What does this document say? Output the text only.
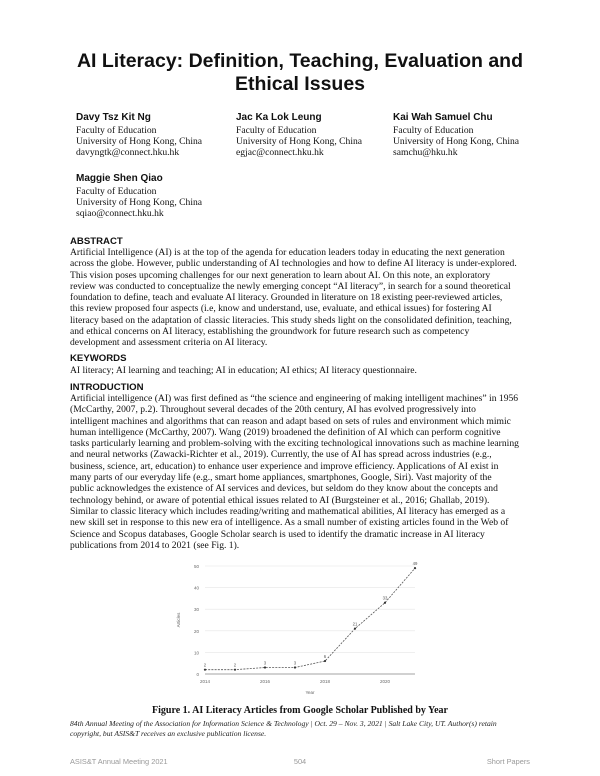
AI Literacy: Definition, Teaching, Evaluation and
Ethical Issues
Davy Tsz Kit Ng
Faculty of Education
University of Hong Kong, China
davyngtk@connect.hku.hk
Jac Ka Lok Leung
Faculty of Education
University of Hong Kong, China
egjac@connect.hku.hk
Kai Wah Samuel Chu
Faculty of Education
University of Hong Kong, China
samchu@hku.hk
Maggie Shen Qiao
Faculty of Education
University of Hong Kong, China
sqiao@connect.hku.hk
ABSTRACT
Artificial Intelligence (AI) is at the top of the agenda for education leaders today in educating the next generation
across the globe. However, public understanding of AI technologies and how to define AI literacy is under-explored.
This vision poses upcoming challenges for our next generation to learn about AI. On this note, an exploratory
review was conducted to conceptualize the newly emerging concept “AI literacy”, in search for a sound theoretical
foundation to define, teach and evaluate AI literacy. Grounded in literature on 18 existing peer-reviewed articles,
this review proposed four aspects (i.e, know and understand, use, evaluate, and ethical issues) for fostering AI
literacy based on the adaptation of classic literacies. This study sheds light on the consolidated definition, teaching,
and ethical concerns on AI literacy, establishing the groundwork for future research such as competency
development and assessment criteria on AI literacy.
KEYWORDS
AI literacy; AI learning and teaching; AI in education; AI ethics; AI literacy questionnaire.
INTRODUCTION
Artificial intelligence (AI) was first defined as “the science and engineering of making intelligent machines” in 1956
(McCarthy, 2007, p.2). Throughout several decades of the 20th century, AI has evolved progressively into
intelligent machines and algorithms that can reason and adapt based on sets of rules and environment which mimic
human intelligence (McCarthy, 2007). Wang (2019) broadened the definition of AI which can perform cognitive
tasks particularly learning and problem-solving with the exciting technological innovations such as machine learning
and neural networks (Zawacki-Richter et al., 2019). Currently, the use of AI has spread across industries (e.g.,
business, science, art, education) to enhance user experience and improve efficiency. Applications of AI exist in
many parts of our everyday life (e.g., smart home appliances, smartphones, Google, Siri). Vast majority of the
public acknowledges the existence of AI services and devices, but seldom do they know about the concepts and
technology behind, or aware of potential ethical issues related to AI (Burgsteiner et al., 2016; Ghallab, 2019).
Similar to classic literacy which includes reading/writing and mathematical abilities, AI literacy has emerged as a
new skill set in response to this new era of intelligence. As a small number of existing articles found in the Web of
Science and Scopus databases, Google Scholar search is used to identify the dramatic increase in AI literacy
publications from 2014 to 2021 (see Fig. 1).
0
10
20
30
40
50
2014	2016	2018	2020
Year
Articles
2	2	3	3
6
21
33
49
Figure 1. AI Literacy Articles from Google Scholar Published by Year
84th Annual Meeting of the Association for Information Science & Technology | Oct. 29 – Nov. 3, 2021 | Salt Lake City, UT. Author(s) retain
copyright, but ASIS&T receives an exclusive publication license.
ASIS&T Annual Meeting 2021	504	Short Papers
